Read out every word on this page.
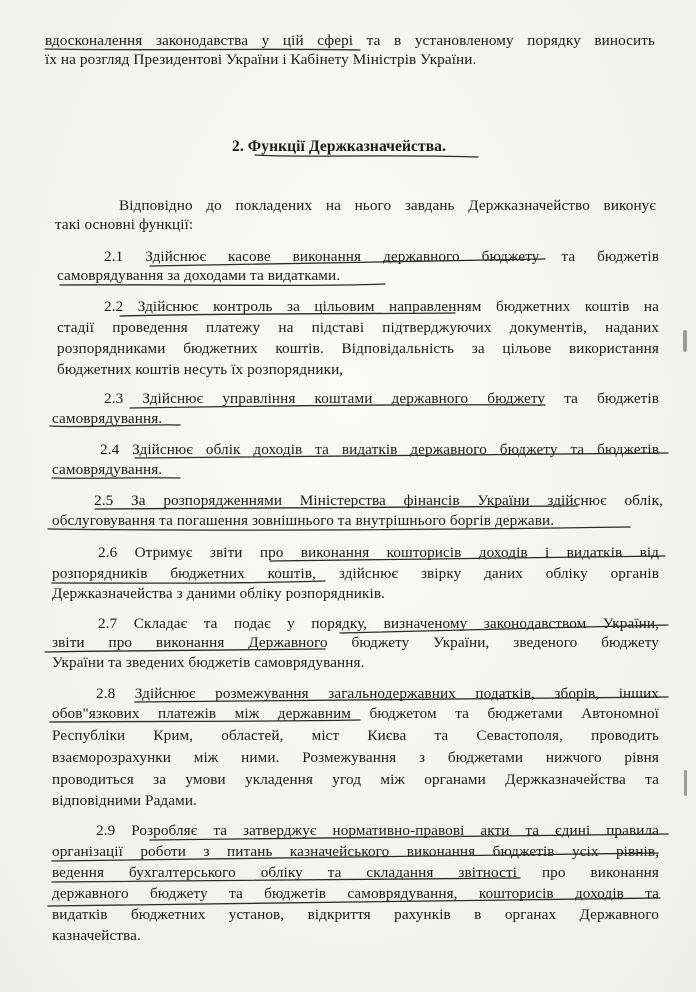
вдосконалення законодавства у цій сфері та в установленому порядку виносить
їх на розгляд Президентові України і Кабінету Міністрів України.
2. Функції Держказначейства.
Відповідно до покладених на нього завдань Держказначейство виконує
такі основні функції:
2.1 Здійснює касове виконання державного бюджету та бюджетів
самоврядування за доходами та видатками.
2.2 Здійснює контроль за цільовим направленням бюджетних коштів на
стадії проведення платежу на підставі підтверджуючих документів, наданих
розпорядниками бюджетних коштів. Відповідальність за цільове використання
бюджетних коштів несуть їх розпорядники,
2.3 Здійснює управління коштами державного бюджету та бюджетів
самоврядування.
2.4 Здійснює облік доходів та видатків державного бюджету та бюджетів
самоврядування.
2.5 За розпорядженнями Міністерства фінансів України здійснює облік,
обслуговування та погашення зовнішнього та внутрішнього боргів держави.
2.6 Отримує звіти про виконання кошторисів доходів і видатків від
розпорядників бюджетних коштів, здійснює звірку даних обліку органів
Держказначейства з даними обліку розпорядників.
2.7 Складає та подає у порядку, визначеному законодавством України,
звіти про виконання Державного бюджету України, зведеного бюджету
України та зведених бюджетів самоврядування.
2.8 Здійснює розмежування загальнодержавних податків, зборів, інших
обов"язкових платежів між державним бюджетом та бюджетами Автономної
Республіки Крим, областей, міст Києва та Севастополя, проводить
взаєморозрахунки між ними. Розмежування з бюджетами нижчого рівня
проводиться за умови укладення угод між органами Держказначейства та
відповідними Радами.
2.9 Розробляє та затверджує нормативно-правові акти та єдині правила
організації роботи з питань казначейського виконання бюджетів усіх рівнів,
ведення бухгалтерського обліку та складання звітності про виконання
державного бюджету та бюджетів самоврядування, кошторисів доходів та
видатків бюджетних установ, відкриття рахунків в органах Державного
казначейства.
